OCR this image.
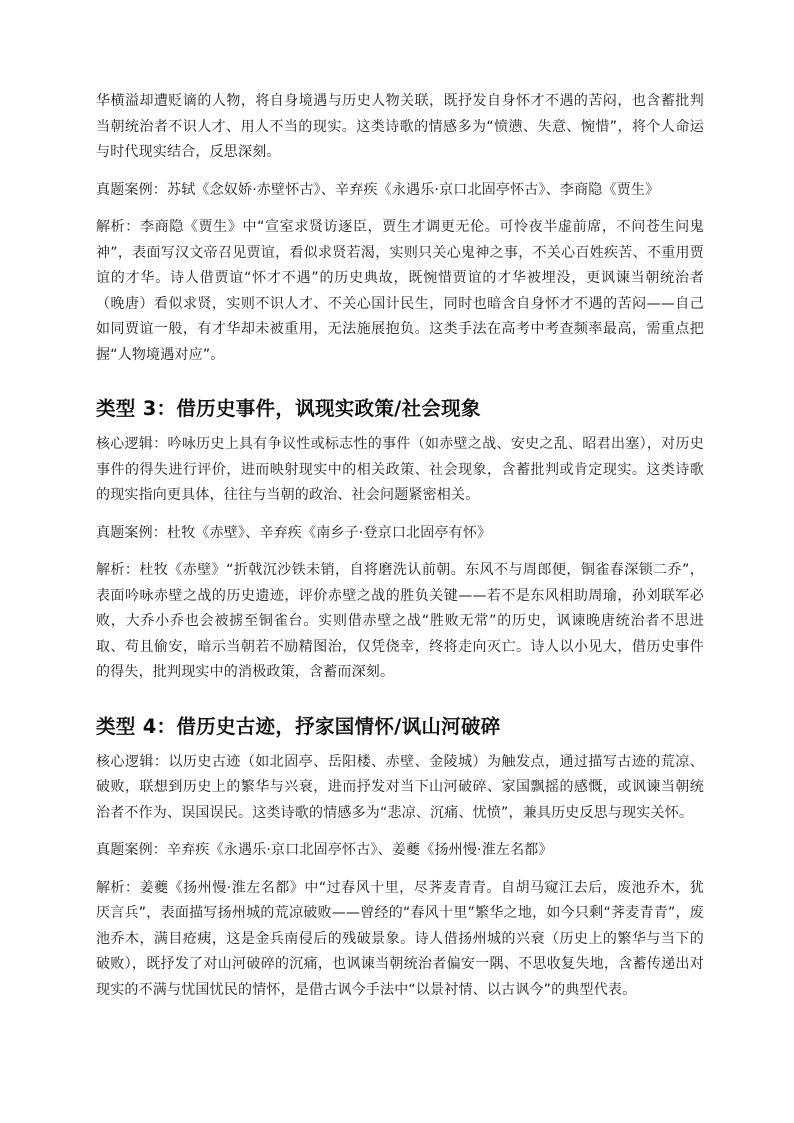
华横溢却遭贬谪的人物，将自身境遇与历史人物关联，既抒发自身怀才不遇的苦闷，也含蓄批判当朝统治者不识人才、用人不当的现实。这类诗歌的情感多为“愤懑、失意、惋惜”，将个人命运与时代现实结合，反思深刻。

真题案例：苏轼《念奴娇·赤壁怀古》、辛弃疾《永遇乐·京口北固亭怀古》、李商隐《贾生》

解析：李商隐《贾生》中“宣室求贤访逐臣，贾生才调更无伦。可怜夜半虚前席，不问苍生问鬼神”，表面写汉文帝召见贾谊，看似求贤若渴，实则只关心鬼神之事，不关心百姓疾苦、不重用贾谊的才华。诗人借贾谊“怀才不遇”的历史典故，既惋惜贾谊的才华被埋没，更讽谏当朝统治者（晚唐）看似求贤，实则不识人才、不关心国计民生，同时也暗含自身怀才不遇的苦闷——自己如同贾谊一般，有才华却未被重用，无法施展抱负。这类手法在高考中考查频率最高，需重点把握“人物境遇对应”。

类型 3：借历史事件，讽现实政策/社会现象

核心逻辑：吟咏历史上具有争议性或标志性的事件（如赤壁之战、安史之乱、昭君出塞），对历史事件的得失进行评价，进而映射现实中的相关政策、社会现象，含蓄批判或肯定现实。这类诗歌的现实指向更具体，往往与当朝的政治、社会问题紧密相关。

真题案例：杜牧《赤壁》、辛弃疾《南乡子·登京口北固亭有怀》

解析：杜牧《赤壁》“折戟沉沙铁未销，自将磨洗认前朝。东风不与周郎便，铜雀春深锁二乔”，表面吟咏赤壁之战的历史遗迹，评价赤壁之战的胜负关键——若不是东风相助周瑜，孙刘联军必败，大乔小乔也会被掳至铜雀台。实则借赤壁之战“胜败无常”的历史，讽谏晚唐统治者不思进取、苟且偷安，暗示当朝若不励精图治，仅凭侥幸，终将走向灭亡。诗人以小见大，借历史事件的得失，批判现实中的消极政策，含蓄而深刻。

类型 4：借历史古迹，抒家国情怀/讽山河破碎

核心逻辑：以历史古迹（如北固亭、岳阳楼、赤壁、金陵城）为触发点，通过描写古迹的荒凉、破败，联想到历史上的繁华与兴衰，进而抒发对当下山河破碎、家国飘摇的感慨，或讽谏当朝统治者不作为、误国误民。这类诗歌的情感多为“悲凉、沉痛、忧愤”，兼具历史反思与现实关怀。

真题案例：辛弃疾《永遇乐·京口北固亭怀古》、姜夔《扬州慢·淮左名都》

解析：姜夔《扬州慢·淮左名都》中“过春风十里，尽荠麦青青。自胡马窥江去后，废池乔木，犹厌言兵”，表面描写扬州城的荒凉破败——曾经的“春风十里”繁华之地，如今只剩“荠麦青青”，废池乔木，满目疮痍，这是金兵南侵后的残破景象。诗人借扬州城的兴衰（历史上的繁华与当下的破败），既抒发了对山河破碎的沉痛，也讽谏当朝统治者偏安一隅、不思收复失地，含蓄传递出对现实的不满与忧国忧民的情怀，是借古讽今手法中“以景衬情、以古讽今”的典型代表。
